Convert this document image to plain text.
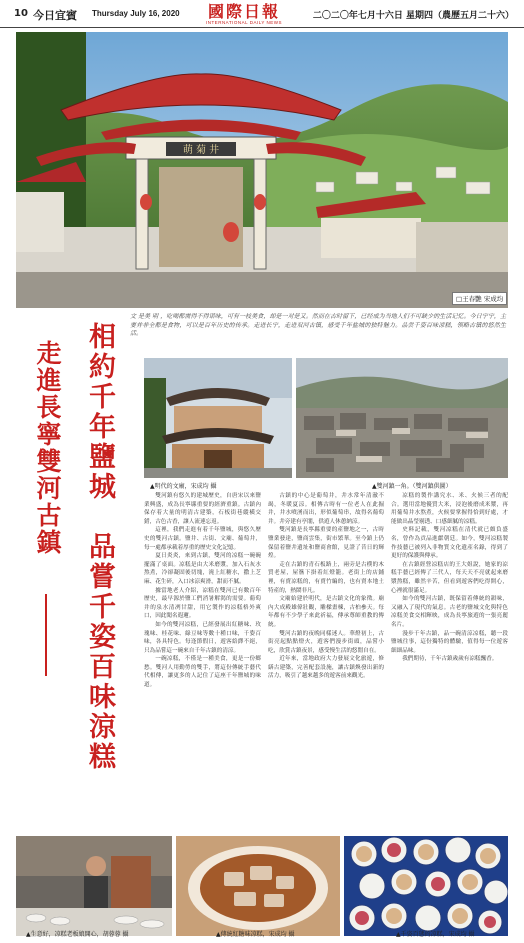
10 今日宜賓 Thursday July 16, 2020	國際日報
INTERNATIONAL DAILY NEWS
二〇二〇年七月十六日 星期四（農歷五月二十六）
萌 菊 井
□王春艷 宋成均
文 是美 明 ，吃喝都需得不得诺味，可有一枝美食，却是一对是又。然而在古时留下，已经成为当地人们不可缺少的生活记忆。今日宁宁，主要并非全都是食物，可以是百年历史的传承。走进长宁，走进双河古镇，感受千年盐城的独特魅力。品尝千姿百味凉糕，领略古镇的悠然生活。
相約千年鹽城　品嘗千姿百味涼糕
走進長寧雙河古鎮	▲明代的文廟，宋成均 攝	▲雙河鎮一角。（雙河鎮供圖）

雙河鎮有悠久的建城歷史，自唐宋以來鹽業興盛，成為長寧縣重要的經濟重鎮。古鎮內保存着大量的明清古建築，石板街巷縱橫交錯，古色古香，讓人流連忘返。

這裡，我們走進有着千年鹽城，與悠久歷史的雙河古鎮。鹽井、古街、文廟、葡萄井，每一處都承載着厚重的歷史文化記憶。

夏日炎炎，來到古鎮，雙河的凉糕一碗碗擺滿了桌面。凉糕是由大米磨漿，加入石灰水熬煮，冷卻凝固後切塊，澆上紅糖水，撒上芝麻、花生碎，入口冰涼爽滑，甜而不膩。

據當地老人介紹，凉糕在雙河已有數百年歷史，最早源於鹽工們消暑解渴的需要。葡萄井的泉水清冽甘甜，用它製作的凉糕格外爽口，因此聞名遐邇。

如今的雙河凉糕，已經發展出紅糖味、玫瑰味、桂花味、綠豆味等數十種口味，千姿百味，各具特色。每逢節假日，遊客絡繹不絕，只為品嘗這一碗來自千年古鎮的清涼。

一碗凉糕，不僅是一種美食，更是一份鄉愁。雙河人用勤勞的雙手，將這份傳統手藝代代相傳，讓更多的人記住了這座千年鹽城的味道。

古鎮的中心是葡萄井，井水常年清澈不竭，冬暖夏涼。相傳古時有一位老人在此掘井，井水噴湧而出，形似葡萄串，故得名葡萄井。井旁建有亭閣，供遊人休憩納涼。

雙河鎮是長寧縣重要的產鹽地之一，古時鹽業發達，鹽商雲集，街市繁華。至今鎮上仍保留着鹽井遺址和鹽商會館，見證了昔日的輝煌。

走在古鎮的青石板路上，兩旁是古樸的木質老屋，屋簷下掛着紅燈籠。老街上的店鋪裡，有賣凉糕的，有賣竹編的，也有賣本地土特產的，熱鬧非凡。

文廟始建於明代，是古鎮文化的象徵。廟內大成殿雄偉壯觀，雕樑畫棟，古柏參天。每年都有不少學子來此祈福，傳承尊師重教的傳統。

雙河古鎮的夜晚同樣迷人。華燈初上，古街亮起點點燈火，遊客們漫步街頭，品嘗小吃，欣賞古鎮夜景，感受慢生活的悠閒自在。

近年來，當地政府大力發展文化旅遊，修繕古建築，完善配套設施，讓古鎮煥發出新的活力，吸引了越來越多的遊客前來觀光。

凉糕的製作講究水、米、火候三者的配合。選用當地優質大米，浸泡後磨成米漿，再用葡萄井水熬煮，火候要掌握得恰到好處，才能做出晶瑩剔透、口感細膩的凉糕。

史料記載，雙河凉糕在清代就已頗負盛名，曾作為貢品進獻朝廷。如今，雙河凉糕製作技藝已被列入非物質文化遺產名錄，得到了更好的保護與傳承。

在古鎮經營凉糕店的王大姐說，她家的凉糕手藝已經傳了三代人，每天天不亮就起來磨漿熬糕，雖然辛苦，但看到遊客們吃得開心，心裡就很滿足。

如今的雙河古鎮，既保留着傳統的韻味，又融入了現代的氣息。古老的鹽城文化與特色凉糕美食交相輝映，成為長寧旅遊的一張亮麗名片。

漫步千年古鎮，品一碗清涼凉糕，聽一段鹽城往事，這份獨特的體驗，值得每一位遊客細細品味。

我們期待，千年古鎮歲歲有凉糕飄香。

▲生意好，凉糕老板娘開心，胡蓉蓉 攝	▲傳統紅糖味凉糕，宋成均 攝	▲千姿百態的凉糕，宋成均 攝
